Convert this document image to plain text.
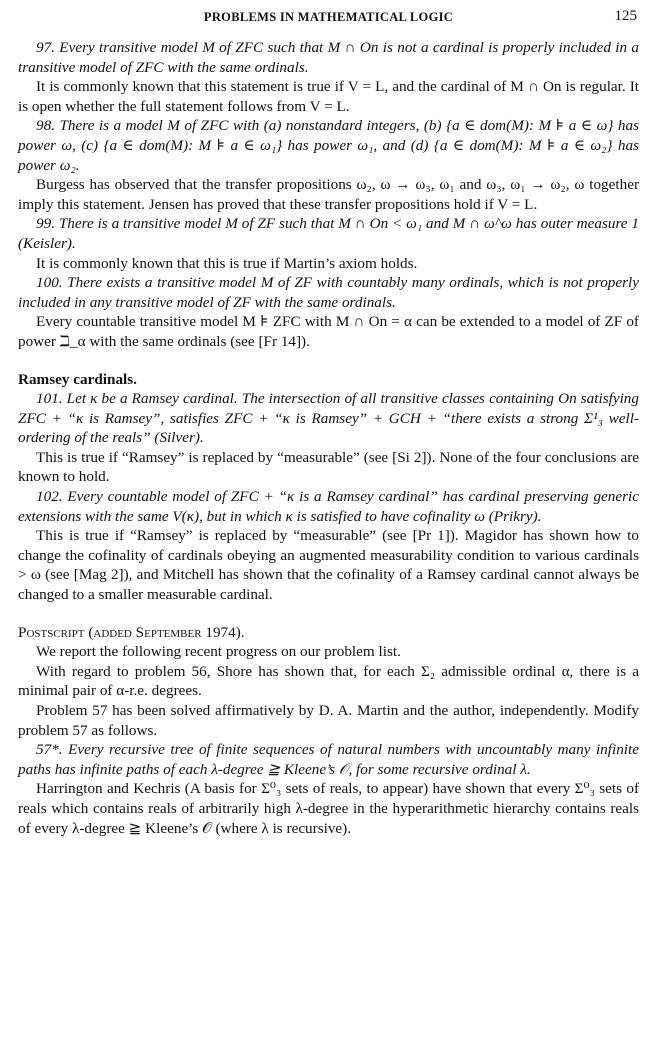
PROBLEMS IN MATHEMATICAL LOGIC	125

97. Every transitive model M of ZFC such that M ∩ On is not a cardinal is properly included in a transitive model of ZFC with the same ordinals.

It is commonly known that this statement is true if V = L, and the cardinal of M ∩ On is regular. It is open whether the full statement follows from V = L.

98. There is a model M of ZFC with (a) nonstandard integers, (b) {a ∈ dom(M): M ⊧ a ∈ ω} has power ω, (c) {a ∈ dom(M): M ⊧ a ∈ ω₁} has power ω₁, and (d) {a ∈ dom(M): M ⊧ a ∈ ω₂} has power ω₂.

Burgess has observed that the transfer propositions ω₂, ω → ω₃, ω₁ and ω₃, ω₁ → ω₂, ω together imply this statement. Jensen has proved that these transfer propositions hold if V = L.

99. There is a transitive model M of ZF such that M ∩ On < ω₁ and M ∩ ω^ω has outer measure 1 (Keisler).

It is commonly known that this is true if Martin’s axiom holds.

100. There exists a transitive model M of ZF with countably many ordinals, which is not properly included in any transitive model of ZF with the same ordinals.

Every countable transitive model M ⊧ ZFC with M ∩ On = α can be extended to a model of ZF of power ℶ_α with the same ordinals (see [Fr 14]).

Ramsey cardinals.

101. Let κ be a Ramsey cardinal. The intersection of all transitive classes containing On satisfying ZFC + “κ is Ramsey”, satisfies ZFC + “κ is Ramsey” + GCH + “there exists a strong Σ¹₃ well-ordering of the reals” (Silver).

This is true if “Ramsey” is replaced by “measurable” (see [Si 2]). None of the four conclusions are known to hold.

102. Every countable model of ZFC + “κ is a Ramsey cardinal” has cardinal preserving generic extensions with the same V(κ), but in which κ is satisfied to have cofinality ω (Prikry).

This is true if “Ramsey” is replaced by “measurable” (see [Pr 1]). Magidor has shown how to change the cofinality of cardinals obeying an augmented measurability condition to various cardinals > ω (see [Mag 2]), and Mitchell has shown that the cofinality of a Ramsey cardinal cannot always be changed to a smaller measurable cardinal.

Postscript (added September 1974).

We report the following recent progress on our problem list.

With regard to problem 56, Shore has shown that, for each Σ₂ admissible ordinal α, there is a minimal pair of α-r.e. degrees.

Problem 57 has been solved affirmatively by D. A. Martin and the author, independently. Modify problem 57 as follows.

57*. Every recursive tree of finite sequences of natural numbers with uncountably many infinite paths has infinite paths of each λ-degree ≧ Kleene’s 𝒪, for some recursive ordinal λ.

Harrington and Kechris (A basis for Σ⁰₃ sets of reals, to appear) have shown that every Σ⁰₃ sets of reals which contains reals of arbitrarily high λ-degree in the hyperarithmetic hierarchy contains reals of every λ-degree ≧ Kleene’s 𝒪 (where λ is recursive).
